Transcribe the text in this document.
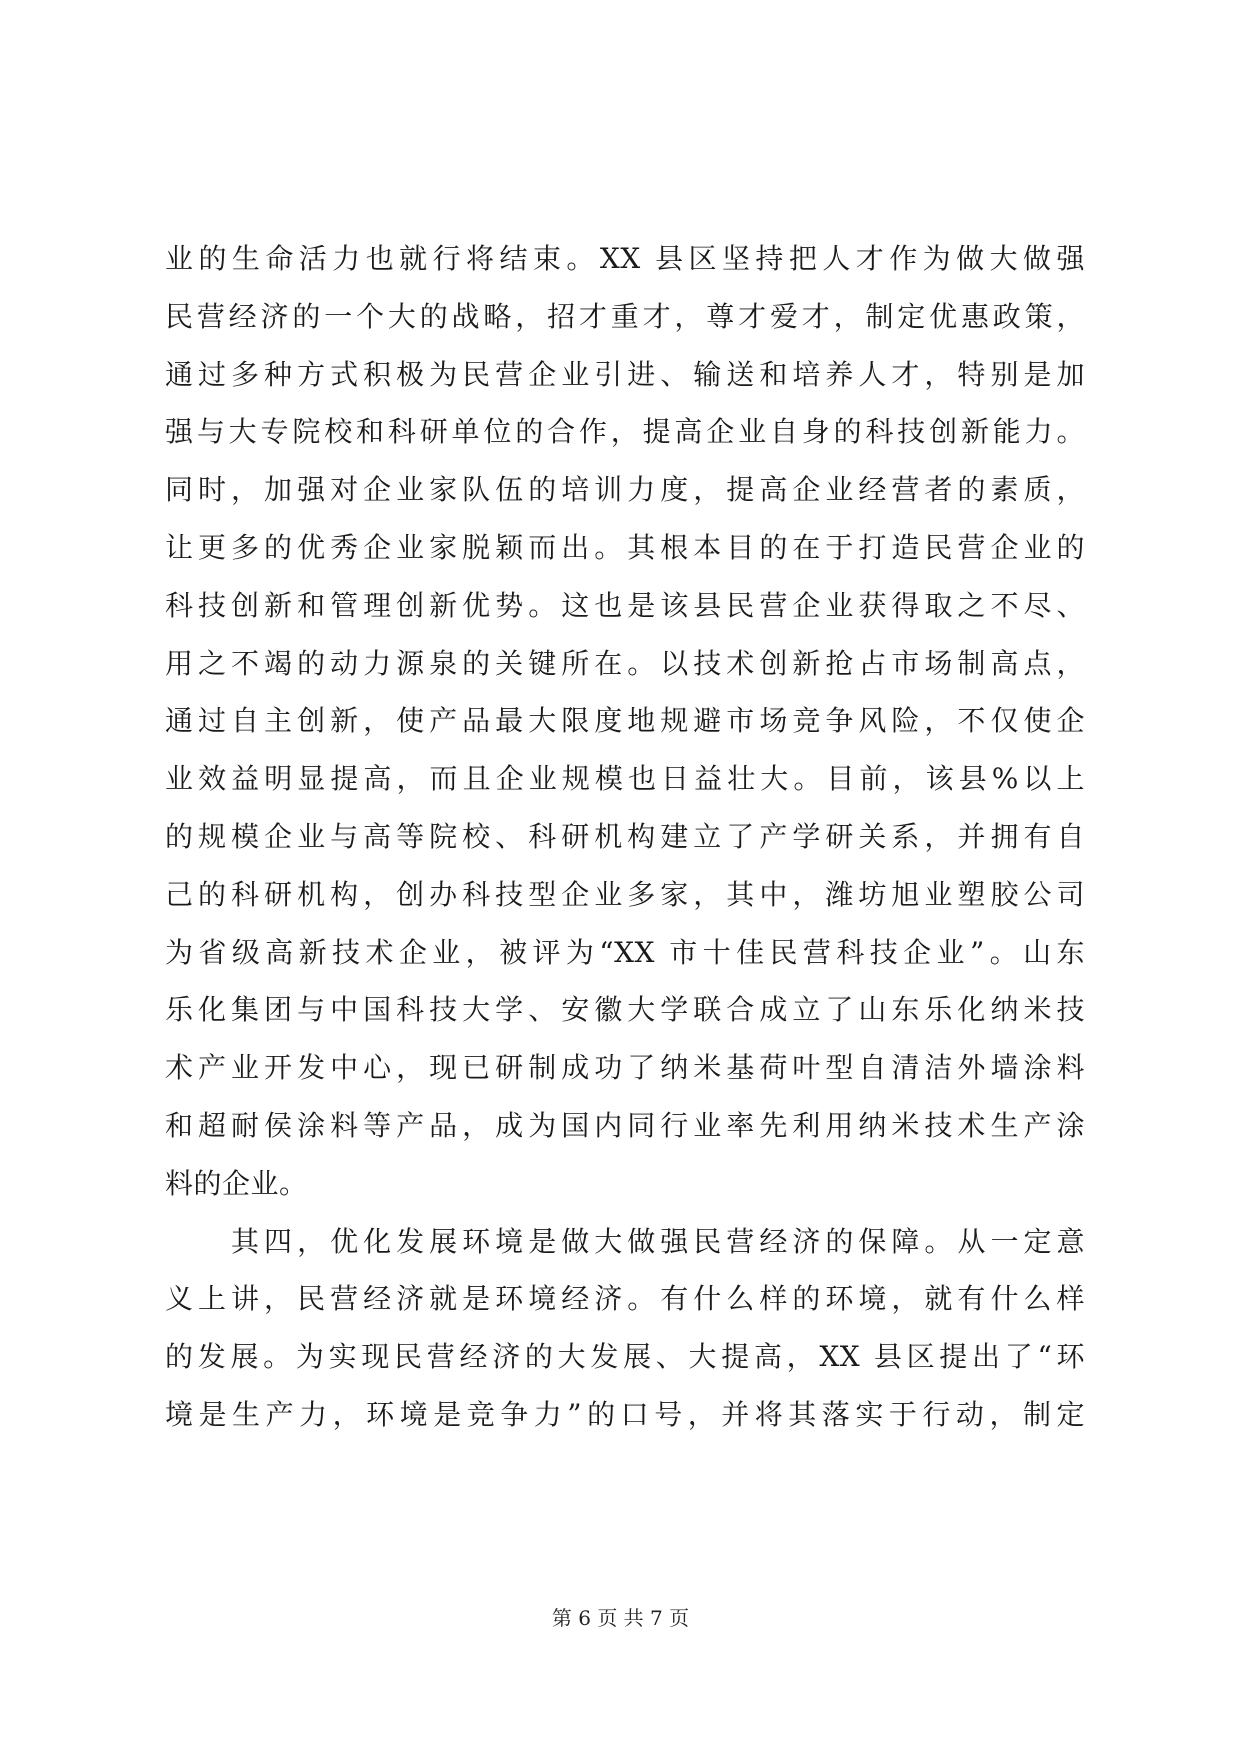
业的生命活力也就行将结束。XX 县区坚持把人才作为做大做强
民营经济的一个大的战略，招才重才，尊才爱才，制定优惠政策，
通过多种方式积极为民营企业引进、输送和培养人才，特别是加
强与大专院校和科研单位的合作，提高企业自身的科技创新能力。
同时，加强对企业家队伍的培训力度，提高企业经营者的素质，
让更多的优秀企业家脱颖而出。其根本目的在于打造民营企业的
科技创新和管理创新优势。这也是该县民营企业获得取之不尽、
用之不竭的动力源泉的关键所在。以技术创新抢占市场制高点，
通过自主创新，使产品最大限度地规避市场竞争风险，不仅使企
业效益明显提高，而且企业规模也日益壮大。目前，该县%以上
的规模企业与高等院校、科研机构建立了产学研关系，并拥有自
己的科研机构，创办科技型企业多家，其中，潍坊旭业塑胶公司
为省级高新技术企业，被评为“XX 市十佳民营科技企业”。山东
乐化集团与中国科技大学、安徽大学联合成立了山东乐化纳米技
术产业开发中心，现已研制成功了纳米基荷叶型自清洁外墙涂料
和超耐侯涂料等产品，成为国内同行业率先利用纳米技术生产涂
料的企业。
　　其四，优化发展环境是做大做强民营经济的保障。从一定意
义上讲，民营经济就是环境经济。有什么样的环境，就有什么样
的发展。为实现民营经济的大发展、大提高，XX 县区提出了“环
境是生产力，环境是竞争力”的口号，并将其落实于行动，制定
第 6 页 共 7 页
